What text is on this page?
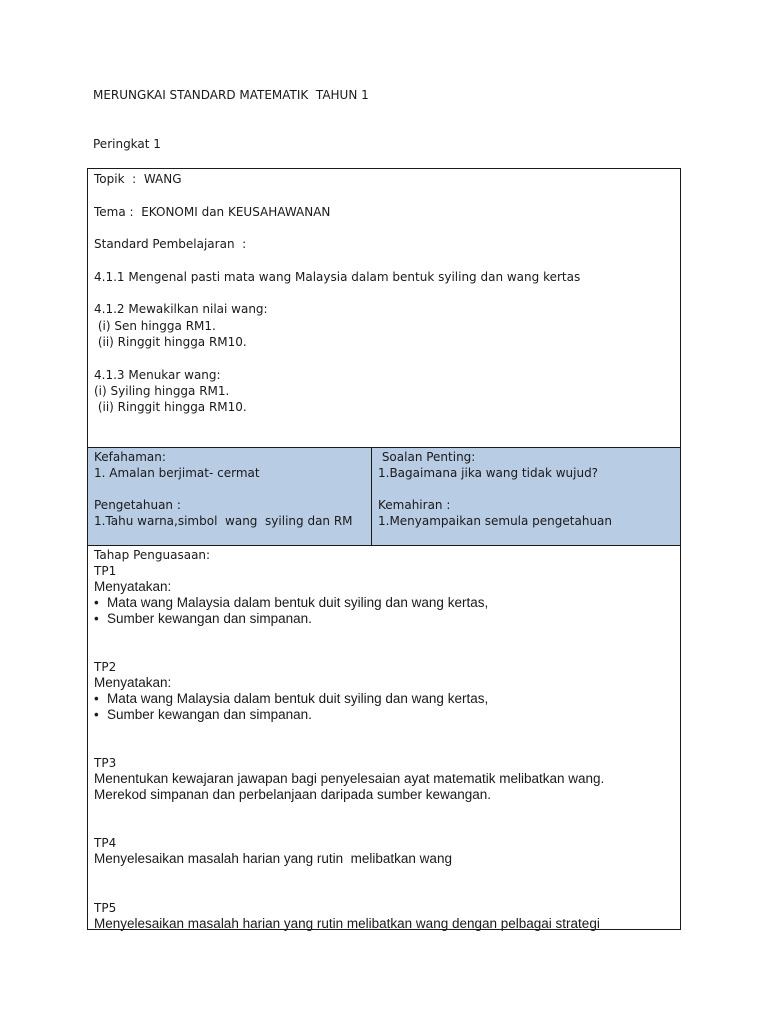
MERUNGKAI STANDARD MATEMATIK  TAHUN 1
Peringkat 1
Topik  :  WANG
Tema :  EKONOMI dan KEUSAHAWANAN
Standard Pembelajaran  :
4.1.1 Mengenal pasti mata wang Malaysia dalam bentuk syiling dan wang kertas
4.1.2 Mewakilkan nilai wang:
(i) Sen hingga RM1.
(ii) Ringgit hingga RM10.
4.1.3 Menukar wang:
(i) Syiling hingga RM1.
(ii) Ringgit hingga RM10.
Kefahaman:
1. Amalan berjimat- cermat
Soalan Penting:
1.Bagaimana jika wang tidak wujud?
Pengetahuan :
1.Tahu warna,simbol  wang  syiling dan RM
Kemahiran :
1.Menyampaikan semula pengetahuan
Tahap Penguasaan:
TP1
Menyatakan:
• Mata wang Malaysia dalam bentuk duit syiling dan wang kertas,
• Sumber kewangan dan simpanan.
TP2
Menyatakan:
• Mata wang Malaysia dalam bentuk duit syiling dan wang kertas,
• Sumber kewangan dan simpanan.
TP3
Menentukan kewajaran jawapan bagi penyelesaian ayat matematik melibatkan wang.
Merekod simpanan dan perbelanjaan daripada sumber kewangan.
TP4
Menyelesaikan masalah harian yang rutin  melibatkan wang
TP5
Menyelesaikan masalah harian yang rutin melibatkan wang dengan pelbagai strategi
